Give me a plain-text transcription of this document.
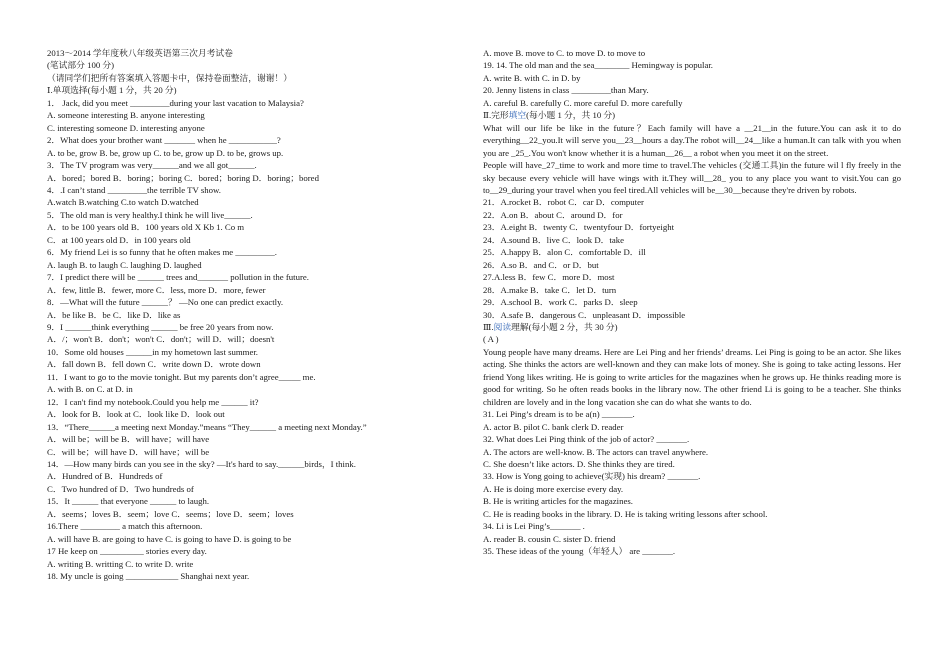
2013～2014 学年度秋八年级英语第三次月考试卷
(笔试部分 100 分)
（请同学们把所有答案填入答题卡中，保持卷面整洁，谢谢！）
Ⅰ.单项选择(每小题 1 分，共 20 分)
1． Jack, did you meet _________during your last vacation to Malaysia?
A. someone interesting B. anyone interesting
C. interesting someone D. interesting anyone
2．What does your brother want _______ when he ___________?
A. to be, grow B. be, grow up C. to be, grow up D. to be, grows up.
3．The TV program was very______and we all got______.
A．bored；bored B．boring；boring C．bored；boring D．boring；bored
4．.I can’t stand _________the terrible TV show.
A.watch B.watching C.to watch D.watched
5．The old man is very healthy.I think he will live______.
A．to be 100 years old B．100 years old X Kb 1. Co m
C．at 100 years old D．in 100 years old
6．My friend Lei is so funny that he often makes me _________.
A. laugh B. to laugh C. laughing D. laughed
7．I predict there will be ______ trees and_______ pollution in the future.
A．few, little B．fewer, more C．less, more D．more, fewer
8．—What will the future ______？ —No one can predict exactly.
A．be like B．be C．like D．like as
9．I ______think everything ______ be free 20 years from now.
A．/；won't B．don't；won't C．don't；will D．will；doesn't
10．Some old houses ______in my hometown last summer.
A．fall down B．fell down C．write down D．wrote down
11．I want to go to the movie tonight. But my parents don’t agree_____ me.
A. with B. on C. at D. in
12．I can't find my notebook.Could you help me ______ it?
A．look for B．look at C．look like D．look out
13．“There______a meeting next Monday.”means “They______ a meeting next Monday.”
A．will be；will be B．will have；will have
C．will be；will have D．will have；will be
14．—How many birds can you see in the sky? —It's hard to say.______birds，I think.
A．Hundred of B．Hundreds of
C．Two hundred of D．Two hundreds of
15．It ______ that everyone ______ to laugh.
A．seems；loves B．seem；love C．seems；love D．seem；loves
16.There _________ a match this afternoon.
A. will have B. are going to have C. is going to have D. is going to be
17 He keep on __________ stories every day.
A. writing B. writting C. to write D. write
18. My uncle is going ____________ Shanghai next year.
A. move B. move to C. to move D. to move to
19. 14. The old man and the sea________ Hemingway is popular.
A. write B. with C. in D. by
20. Jenny listens in class _________than Mary.
A. careful B. carefully C. more careful D. more carefully
Ⅱ.完形填空(每小题 1 分，共 10 分)
What will our life be like in the future？Each family will have a __21__in the future.You can ask it to do everything__22_you.It will serve you__23__hours a day.The robot will__24__like a human.It can talk with you when you are _25_.You won't know whether it is a human__26__ a robot when you meet it on the street.
People will have_27_time to work and more time to travel.The vehicles (交通工具)in the future wil l fly freely in the sky because every vehicle will have wings with it.They will__28_ you to any place you want to visit.You can go to__29_during your travel when you feel tired.All vehicles will be__30__because they're driven by robots.
21．A.rocket B．robot C．car D．computer
22．A.on B．about C．around D．for
23．A.eight B．twenty C．twentyfour D．fortyeight
24．A.sound B．live C．look D．take
25．A.happy B．alon C．comfortable D．ill
26．A.so B．and C．or D．but
27.A.less B．few C．more D．most
28．A.make B．take C．let D．turn
29．A.school B．work C．parks D．sleep
30．A.safe B．dangerous C．unpleasant D．impossible
Ⅲ.阅读理解(每小题 2 分，共 30 分)
( A )
Young people have many dreams. Here are Lei Ping and her friends’ dreams. Lei Ping is going to be an actor. She likes acting. She thinks the actors are well-known and they can make lots of money. She is going to take acting lessons. Her friend Yong likes writing. He is going to write articles for the magazines when he grows up. He thinks reading more is good for writing. So he often reads books in the library now. The other friend Li is going to be a teacher. She thinks children are lovely and in the long vacation she can do what she wants to do.
31. Lei Ping’s dream is to be a(n) _______.
A. actor B. pilot C. bank clerk D. reader
32. What does Lei Ping think of the job of actor? _______.
A. The actors are well-know. B. The actors can travel anywhere.
C. She doesn’t like actors. D. She thinks they are tired.
33. How is Yong going to achieve(实现) his dream? _______.
A. He is doing more exercise every day.
B. He is writing articles for the magazines.
C. He is reading books in the library. D. He is taking writing lessons after school.
34. Li is Lei Ping’s_______ .
A. reader B. cousin C. sister D. friend
35. These ideas of the young（年轻人） are _______.
